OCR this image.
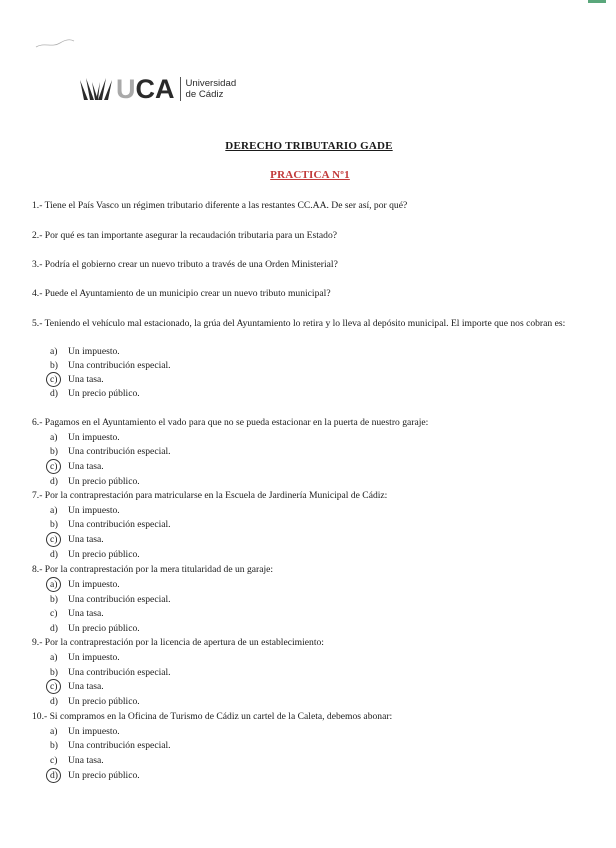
UCA Universidad
de Cádiz
DERECHO TRIBUTARIO GADE
PRACTICA Nº1
1.- Tiene el País Vasco un régimen tributario diferente a las restantes CC.AA. De ser así, por qué?
2.- Por qué es tan importante asegurar la recaudación tributaria para un Estado?
3.- Podría el gobierno crear un nuevo tributo a través de una Orden Ministerial?
4.- Puede el Ayuntamiento de un municipio crear un nuevo tributo municipal?
5.- Teniendo el vehículo mal estacionado, la grúa del Ayuntamiento lo retira y lo lleva al depósito municipal. El importe que nos cobran es:
a) Un impuesto.
b) Una contribución especial.
c) Una tasa.
d) Un precio público.
6.- Pagamos en el Ayuntamiento el vado para que no se pueda estacionar en la puerta de nuestro garaje:
a) Un impuesto.
b) Una contribución especial.
c) Una tasa.
d) Un precio público.
7.- Por la contraprestación para matricularse en la Escuela de Jardinería Municipal de Cádiz:
a) Un impuesto.
b) Una contribución especial.
c) Una tasa.
d) Un precio público.
8.- Por la contraprestación por la mera titularidad de un garaje:
a) Un impuesto.
b) Una contribución especial.
c) Una tasa.
d) Un precio público.
9.- Por la contraprestación por la licencia de apertura de un establecimiento:
a) Un impuesto.
b) Una contribución especial.
c) Una tasa.
d) Un precio público.
10.- Si compramos en la Oficina de Turismo de Cádiz un cartel de la Caleta, debemos abonar:
a) Un impuesto.
b) Una contribución especial.
c) Una tasa.
d) Un precio público.
